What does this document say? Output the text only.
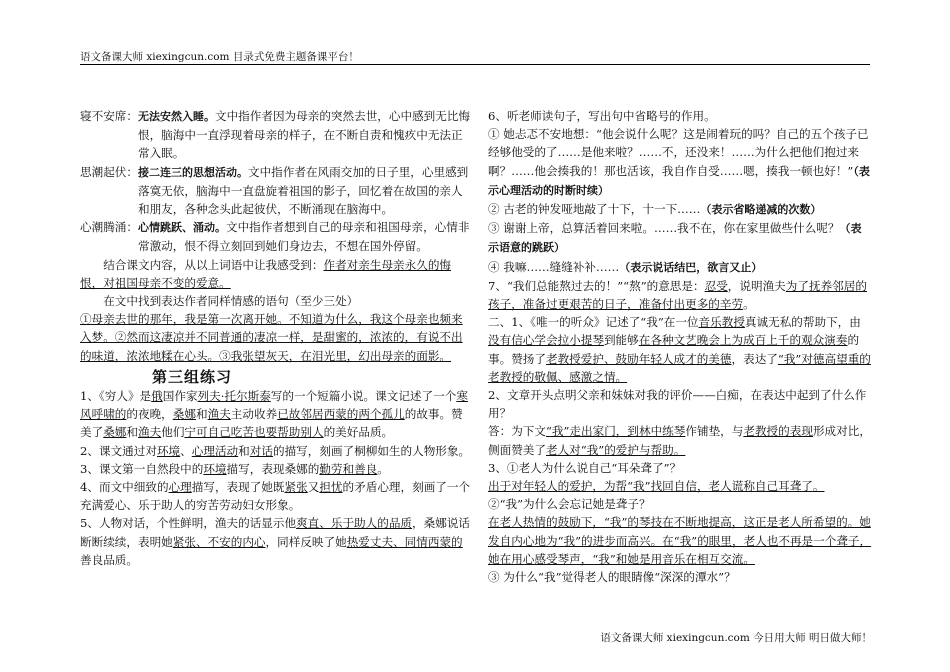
语文备课大师 xiexingcun.com 目录式免费主题备课平台！
寝不安席： 无法安然入睡。文中指作者因为母亲的突然去世，心中感到无比悔恨，脑海中一直浮现着母亲的样子，在不断自责和愧疚中无法正常入眠。
思潮起伏： 接二连三的思想活动。文中指作者在风雨交加的日子里，心里感到落寞无依，脑海中一直盘旋着祖国的影子，回忆着在故国的亲人和朋友，各种念头此起彼伏，不断涌现在脑海中。
心潮腾涌： 心情跳跃、涌动。文中指作者想到自己的母亲和祖国母亲，心情非常激动，恨不得立刻回到她们身边去，不想在国外停留。

结合课文内容，从以上词语中让我感受到：作者对亲生母亲永久的悔恨，对祖国母亲不变的爱意。

在文中找到表达作者同样情感的语句（至少三处）

①母亲去世的那年，我是第一次离开她。不知道为什么，我这个母亲也频来入梦。②然而这凄凉并不同普通的凄凉一样，是甜蜜的，浓浓的，有说不出的味道，浓浓地糅在心头。③我张望灰天，在泪光里，幻出母亲的面影。

第三组练习

1、《穷人》是俄国作家列夫·托尔斯泰写的一个短篇小说。课文记述了一个寒风呼啸的的夜晚，桑娜和渔夫主动收养已故邻居西蒙的两个孤儿的故事。赞美了桑娜和渔夫他们宁可自己吃苦也要帮助别人的美好品质。

2、课文通过对环境、心理活动和对话的描写，刻画了桐柳如生的人物形象。

3、课文第一自然段中的环境描写，表现桑娜的勤劳和善良。

4、而文中细致的心理描写，表现了她既紧张又担忧的矛盾心理，刻画了一个充满爱心、乐于助人的穷苦劳动妇女形象。

5、人物对话，个性鲜明，渔夫的话显示他爽直、乐于助人的品质，桑娜说话断断续续，表明她紧张、不安的内心，同样反映了她热爱丈夫、同情西蒙的善良品质。

6、听老师读句子，写出句中省略号的作用。

① 她忐忑不安地想：“他会说什么呢？这是闹着玩的吗？自己的五个孩子已经够他受的了……是他来啦？……不，还没来！……为什么把他们抱过来啊？……他会揍我的！那也活该，我自作自受……嗯，揍我一顿也好！”（表示心理活动的时断时续）

② 古老的钟发哑地敲了十下，十一下……（表示省略递减的次数）

③ 谢谢上帝，总算活着回来啦。……我不在，你在家里做些什么呢？（表示语意的跳跃）

④ 我嘛……缝缝补补……（表示说话结巴，欲言又止）

7、“我们总能熬过去的！”“熬”的意思是：忍受，说明渔夫为了抚养邻居的孩子，准备过更艰苦的日子，准备付出更多的辛劳。

二、1、《唯一的听众》记述了“我”在一位音乐教授真诚无私的帮助下，由没有信心学会拉小提琴到能够在各种文艺晚会上为成百上千的观众演奏的事。赞扬了老教授爱护、鼓励年轻人成才的美德，表达了“我”对德高望重的老教授的敬佩、感激之情。

2、文章开头点明父亲和妹妹对我的评价——白痴，在表达中起到了什么作用？

答：为下文“我”走出家门，到林中练琴作铺垫，与老教授的表现形成对比，侧面赞美了老人对“我”的爱护与帮助。

3、①老人为什么说自己“耳朵聋了”？

出于对年轻人的爱护，为帮“我”找回自信，老人谎称自己耳聋了。

②“我”为什么会忘记她是聋子？

在老人热情的鼓励下，“我”的琴技在不断地提高，这正是老人所希望的。她发自内心地为“我”的进步而高兴。在“我”的眼里，老人也不再是一个聋子，她在用心感受琴声，“我”和她是用音乐在相互交流。

③ 为什么“我”觉得老人的眼睛像“深深的潭水”？

语文备课大师 xiexingcun.com 今日用大师 明日做大师！
